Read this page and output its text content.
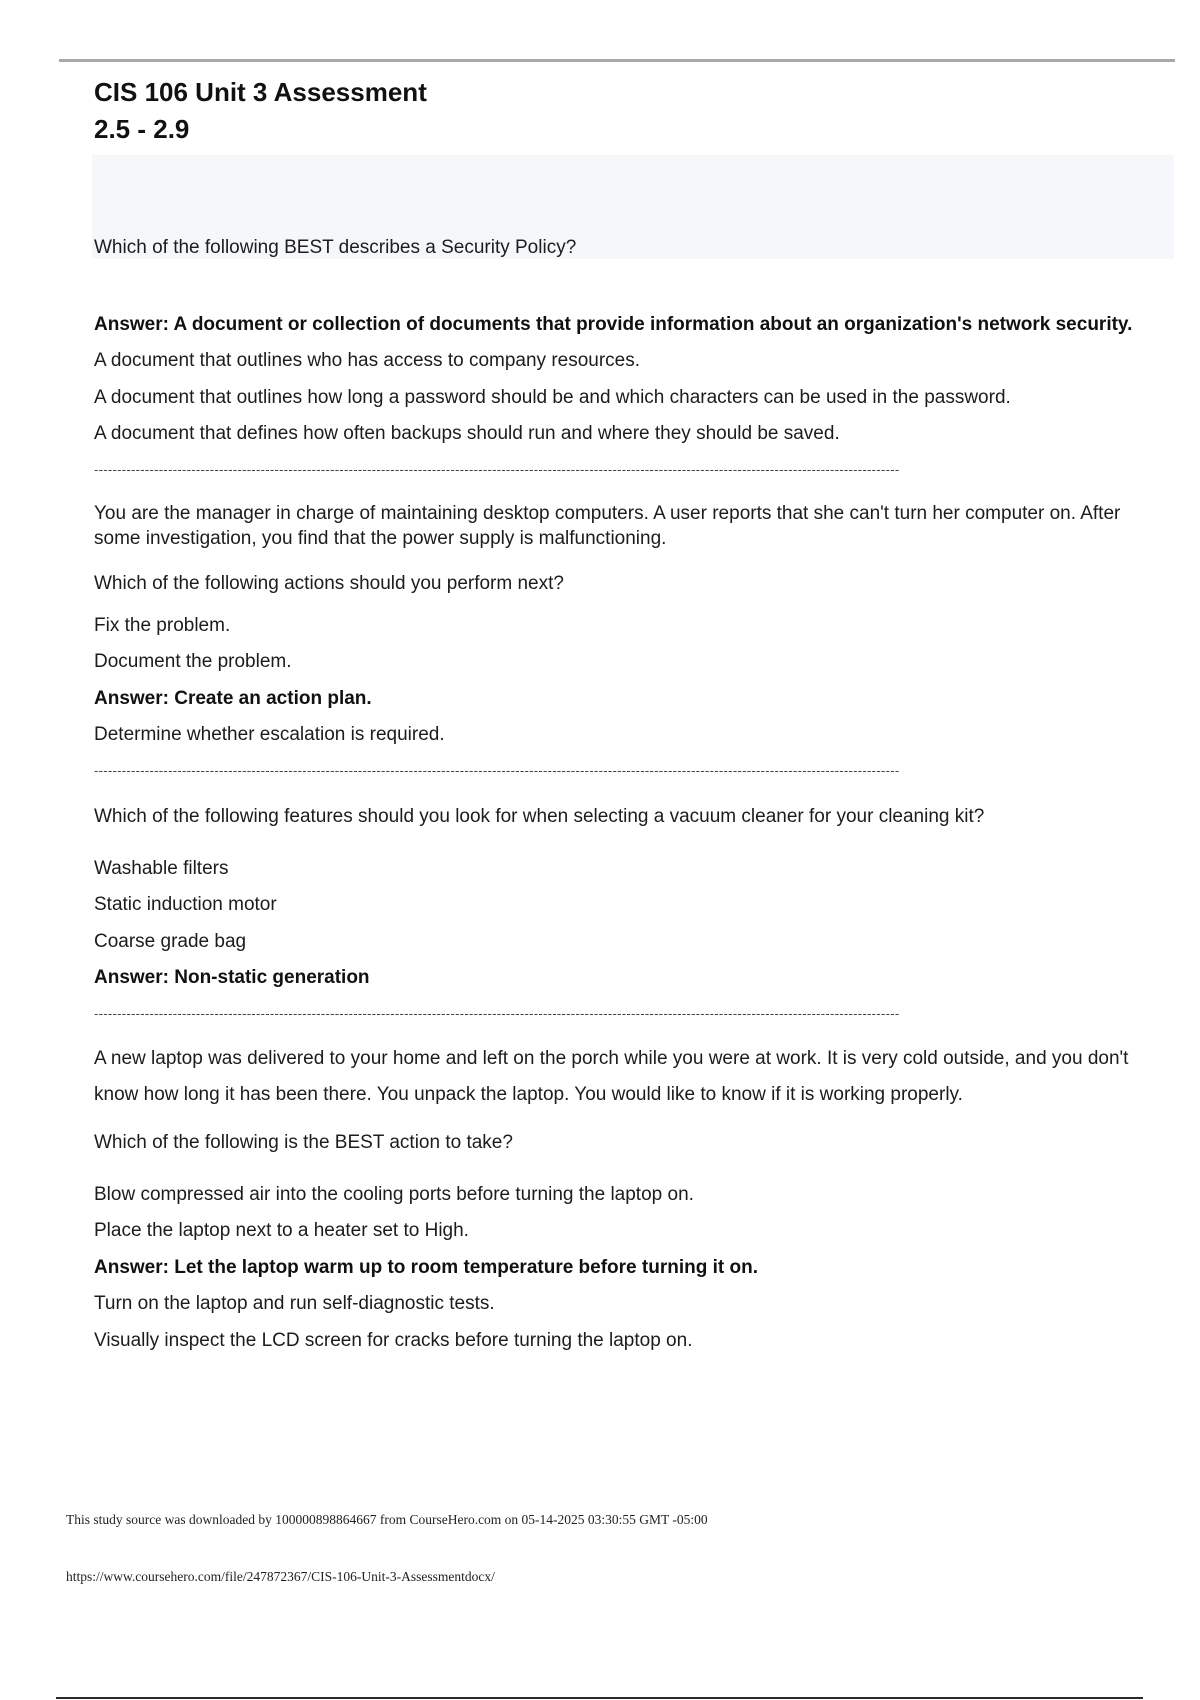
CIS 106 Unit 3 Assessment
2.5 - 2.9

Which of the following BEST describes a Security Policy?

Answer: A document or collection of documents that provide information about an organization's network security.

A document that outlines who has access to company resources.

A document that outlines how long a password should be and which characters can be used in the password.

A document that defines how often backups should run and where they should be saved.

------------------------------------------------------------------------------------------------------------------------------------------------------------------------------

You are the manager in charge of maintaining desktop computers. A user reports that she can't turn her computer on. After some investigation, you find that the power supply is malfunctioning.

Which of the following actions should you perform next?

Fix the problem.

Document the problem.

Answer: Create an action plan.

Determine whether escalation is required.

------------------------------------------------------------------------------------------------------------------------------------------------------------------------------

Which of the following features should you look for when selecting a vacuum cleaner for your cleaning kit?

Washable filters

Static induction motor

Coarse grade bag

Answer: Non-static generation

------------------------------------------------------------------------------------------------------------------------------------------------------------------------------

A new laptop was delivered to your home and left on the porch while you were at work. It is very cold outside, and you don't know how long it has been there. You unpack the laptop. You would like to know if it is working properly.

Which of the following is the BEST action to take?

Blow compressed air into the cooling ports before turning the laptop on.

Place the laptop next to a heater set to High.

Answer: Let the laptop warm up to room temperature before turning it on.

Turn on the laptop and run self-diagnostic tests.

Visually inspect the LCD screen for cracks before turning the laptop on.

This study source was downloaded by 100000898864667 from CourseHero.com on 05-14-2025 03:30:55 GMT -05:00

https://www.coursehero.com/file/247872367/CIS-106-Unit-3-Assessmentdocx/
